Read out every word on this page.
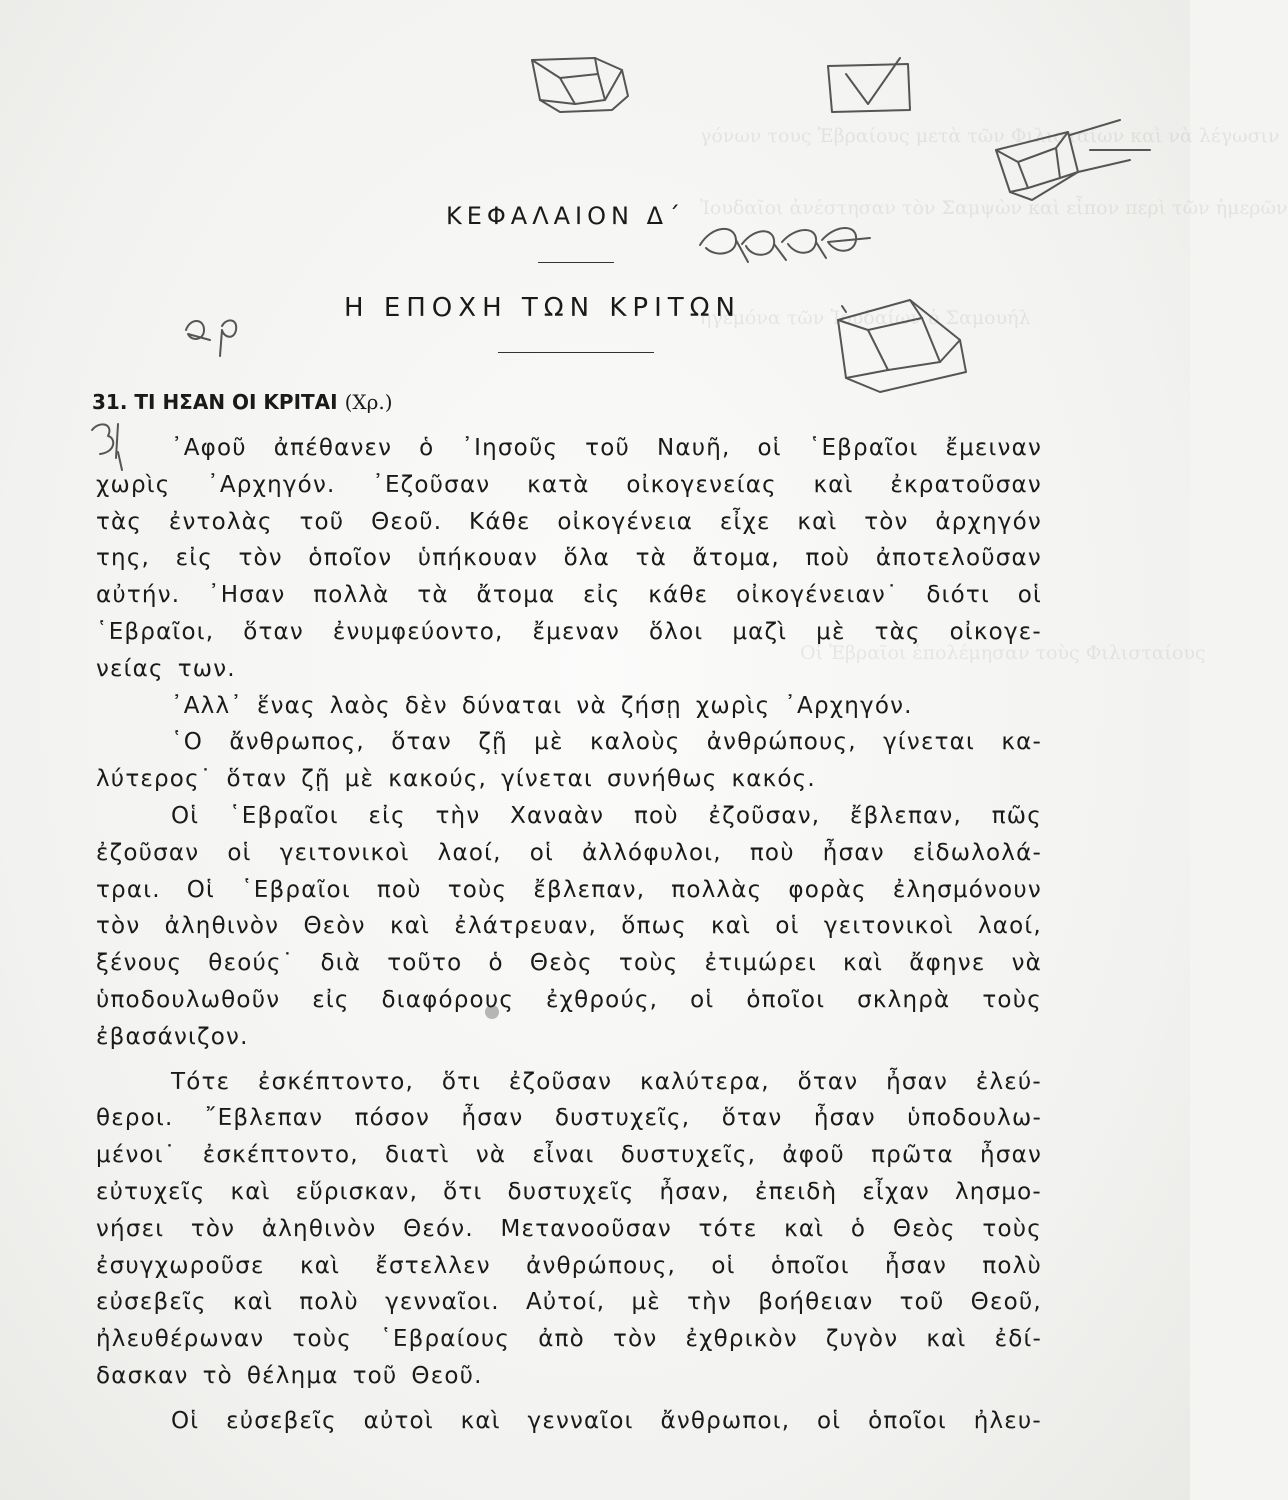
γόνων τους Ἑβραίους μετὰ τῶν Φιλισταίων καὶ νὰ λέγωσιν
Ἰουδαῖοι ἀνέστησαν τὸν Σαμψὼν καὶ εἶπον περὶ τῶν ἡμερῶν
ἡγεμόνα τῶν Ἰουδαίων ὁ Σαμουήλ
Οἱ Ἑβραῖοι ἐπολέμησαν τοὺς Φιλισταίους
ΚΕΦΑΛΑΙΟΝ Δ΄
Η ΕΠΟΧΗ ΤΩΝ ΚΡΙΤΩΝ
31. ΤΙ ΗΣΑΝ ΟΙ ΚΡΙΤΑΙ (Χρ.)
᾿Αφοῦ ἀπέθανεν ὁ ᾿Ιησοῦς τοῦ Ναυῆ, οἱ ῾Εβραῖοι ἔμειναν
χωρὶς ᾿Αρχηγόν. ᾿Εζοῦσαν κατὰ οἰκογενείας καὶ ἐκρατοῦσαν
τὰς ἐντολὰς τοῦ Θεοῦ. Κάθε οἰκογένεια εἶχε καὶ τὸν ἀρχηγόν
της, εἰς τὸν ὁποῖον ὑπήκουαν ὅλα τὰ ἄτομα, ποὺ ἀποτελοῦσαν
αὐτήν. ᾿Ησαν πολλὰ τὰ ἄτομα εἰς κάθε οἰκογένειαν˙ διότι οἱ
῾Εβραῖοι, ὅταν ἐνυμφεύοντο, ἔμεναν ὅλοι μαζὶ μὲ τὰς οἰκογε-
νείας των.
᾿Αλλ᾿ ἕνας λαὸς δὲν δύναται νὰ ζήσῃ χωρὶς ᾿Αρχηγόν.
῾Ο ἄνθρωπος, ὅταν ζῇ μὲ καλοὺς ἀνθρώπους, γίνεται κα-
λύτερος˙ ὅταν ζῇ μὲ κακούς, γίνεται συνήθως κακός.
Οἱ ῾Εβραῖοι εἰς τὴν Χαναὰν ποὺ ἐζοῦσαν, ἔβλεπαν, πῶς
ἐζοῦσαν οἱ γειτονικοὶ λαοί, οἱ ἀλλόφυλοι, ποὺ ἦσαν εἰδωλολά-
τραι. Οἱ ῾Εβραῖοι ποὺ τοὺς ἔβλεπαν, πολλὰς φορὰς ἐλησμόνουν
τὸν ἀληθινὸν Θεὸν καὶ ἐλάτρευαν, ὅπως καὶ οἱ γειτονικοὶ λαοί,
ξένους θεούς˙ διὰ τοῦτο ὁ Θεὸς τοὺς ἐτιμώρει καὶ ἄφηνε νὰ
ὑποδουλωθοῦν εἰς διαφόρους ἐχθρούς, οἱ ὁποῖοι σκληρὰ τοὺς
ἐβασάνιζον.
Τότε ἐσκέπτοντο, ὅτι ἐζοῦσαν καλύτερα, ὅταν ἦσαν ἐλεύ-
θεροι. ῎Εβλεπαν πόσον ἦσαν δυστυχεῖς, ὅταν ἦσαν ὑποδουλω-
μένοι˙ ἐσκέπτοντο, διατὶ νὰ εἶναι δυστυχεῖς, ἀφοῦ πρῶτα ἦσαν
εὐτυχεῖς καὶ εὕρισκαν, ὅτι δυστυχεῖς ἦσαν, ἐπειδὴ εἶχαν λησμο-
νήσει τὸν ἀληθινὸν Θεόν. Μετανοοῦσαν τότε καὶ ὁ Θεὸς τοὺς
ἐσυγχωροῦσε καὶ ἔστελλεν ἀνθρώπους, οἱ ὁποῖοι ἦσαν πολὺ
εὐσεβεῖς καὶ πολὺ γενναῖοι. Αὐτοί, μὲ τὴν βοήθειαν τοῦ Θεοῦ,
ἠλευθέρωναν τοὺς ῾Εβραίους ἀπὸ τὸν ἐχθρικὸν ζυγὸν καὶ ἐδί-
δασκαν τὸ θέλημα τοῦ Θεοῦ.
Οἱ εὐσεβεῖς αὐτοὶ καὶ γενναῖοι ἄνθρωποι, οἱ ὁποῖοι ἠλευ-
